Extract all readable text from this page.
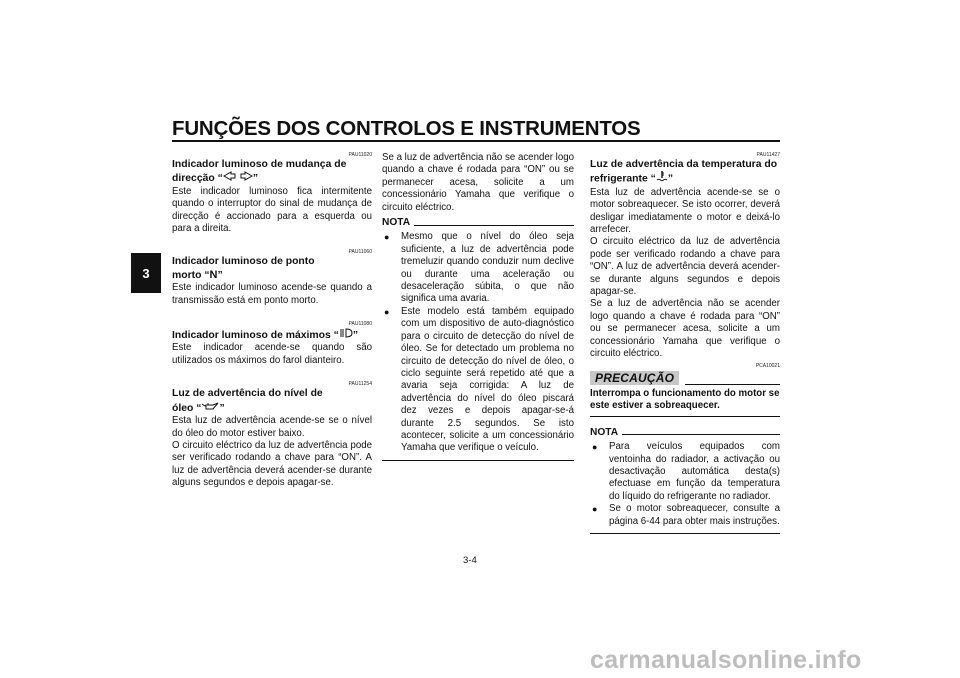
FUNÇÕES DOS CONTROLOS E INSTRUMENTOS
3
PAU11020
Indicador luminoso de mudança de
direcção “	”
Este indicador luminoso fica intermitente quando o interruptor do sinal de mudança de direcção é accionado para a esquerda ou para a direita.
PAU11060
Indicador luminoso de ponto
morto “N”
Este indicador luminoso acende-se quando a transmissão está em ponto morto.
PAU11080
Indicador luminoso de máximos “ ”
Este indicador acende-se quando são utilizados os máximos do farol dianteiro.
PAU11254
Luz de advertência do nível de
óleo “ ”
Esta luz de advertência acende-se se o nível do óleo do motor estiver baixo.
O circuito eléctrico da luz de advertência pode ser verificado rodando a chave para “ON”. A luz de advertência deverá acender-se durante alguns segundos e depois apagar-se.
Se a luz de advertência não se acender logo quando a chave é rodada para “ON” ou se permanecer acesa, solicite a um concessionário Yamaha que verifique o circuito eléctrico.
NOTA
● Mesmo que o nível do óleo seja suficiente, a luz de advertência pode tremeluzir quando conduzir num declive ou durante uma aceleração ou desaceleração súbita, o que não significa uma avaria.
● Este modelo está também equipado com um dispositivo de auto-diagnóstico para o circuito de detecção do nível de óleo. Se for detectado um problema no circuito de detecção do nível de óleo, o ciclo seguinte será repetido até que a avaria seja corrigida: A luz de advertência do nível do óleo piscará dez vezes e depois apagar-se-á durante 2.5 segundos. Se isto acontecer, solicite a um concessionário Yamaha que verifique o veículo.
PAU11427
Luz de advertência da temperatura do
refrigerante “ ”
Esta luz de advertência acende-se se o motor sobreaquecer. Se isto ocorrer, deverá desligar imediatamente o motor e deixá-lo arrefecer.
O circuito eléctrico da luz de advertência pode ser verificado rodando a chave para “ON”. A luz de advertência deverá acender-se durante alguns segundos e depois apagar-se.
Se a luz de advertência não se acender logo quando a chave é rodada para “ON” ou se permanecer acesa, solicite a um concessionário Yamaha que verifique o circuito eléctrico.
PCA10021
PRECAUÇÃO
Interrompa o funcionamento do motor se este estiver a sobreaquecer.
NOTA
● Para veículos equipados com ventoinha do radiador, a activação ou desactivação automática desta(s) efectuase em função da temperatura do líquido do refrigerante no radiador.
● Se o motor sobreaquecer, consulte a página 6-44 para obter mais instruções.
3-4
carmanualsonline.info
